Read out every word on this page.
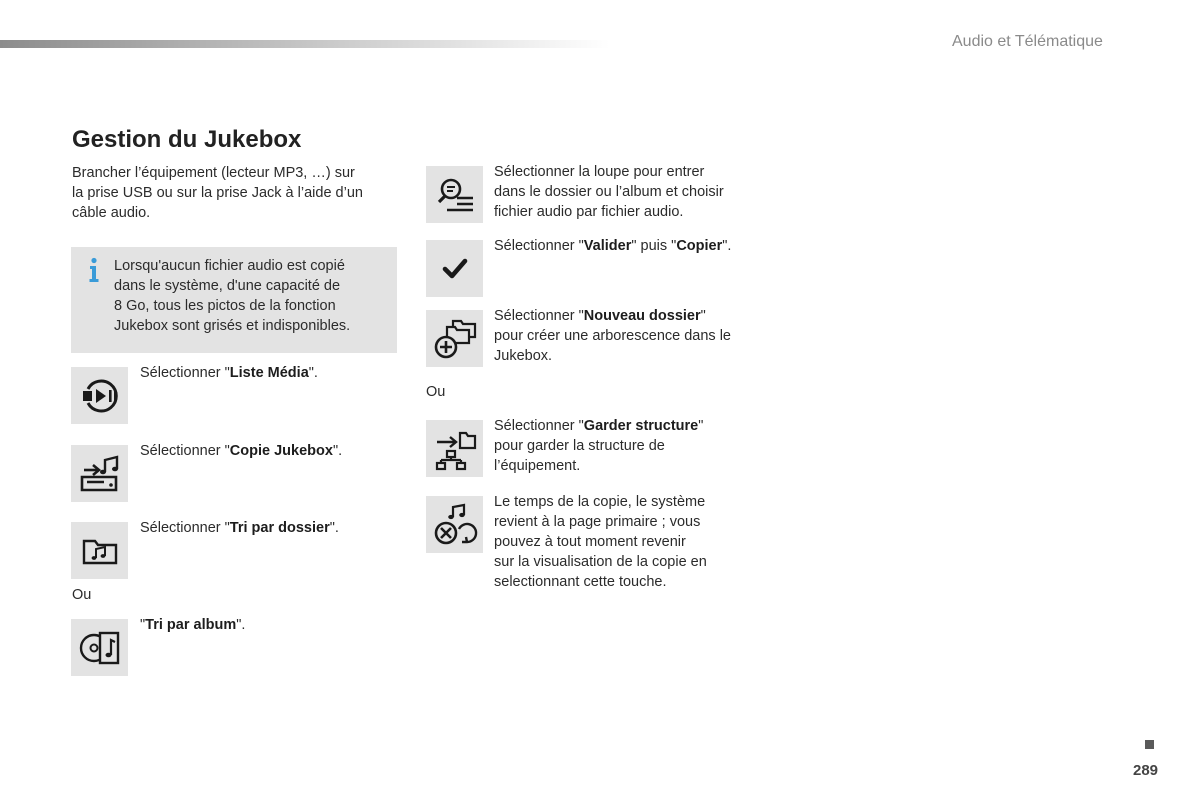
Audio et Télématique
Gestion du Jukebox
Brancher l’équipement (lecteur MP3, …) sur
la prise USB ou sur la prise Jack à l’aide d’un
câble audio.
Lorsqu'aucun fichier audio est copié
dans le système, d'une capacité de
8 Go, tous les pictos de la fonction
Jukebox sont grisés et indisponibles.
Sélectionner "Liste Média".
Sélectionner "Copie Jukebox".
Sélectionner "Tri par dossier".
Ou
"Tri par album".
Sélectionner la loupe pour entrer
dans le dossier ou l’album et choisir
fichier audio par fichier audio.
Sélectionner "Valider" puis "Copier".
Sélectionner "Nouveau dossier"
pour créer une arborescence dans le
Jukebox.
Ou
Sélectionner "Garder structure"
pour garder la structure de
l’équipement.
Le temps de la copie, le système
revient à la page primaire ; vous
pouvez à tout moment revenir
sur la visualisation de la copie en
selectionnant cette touche.
289
